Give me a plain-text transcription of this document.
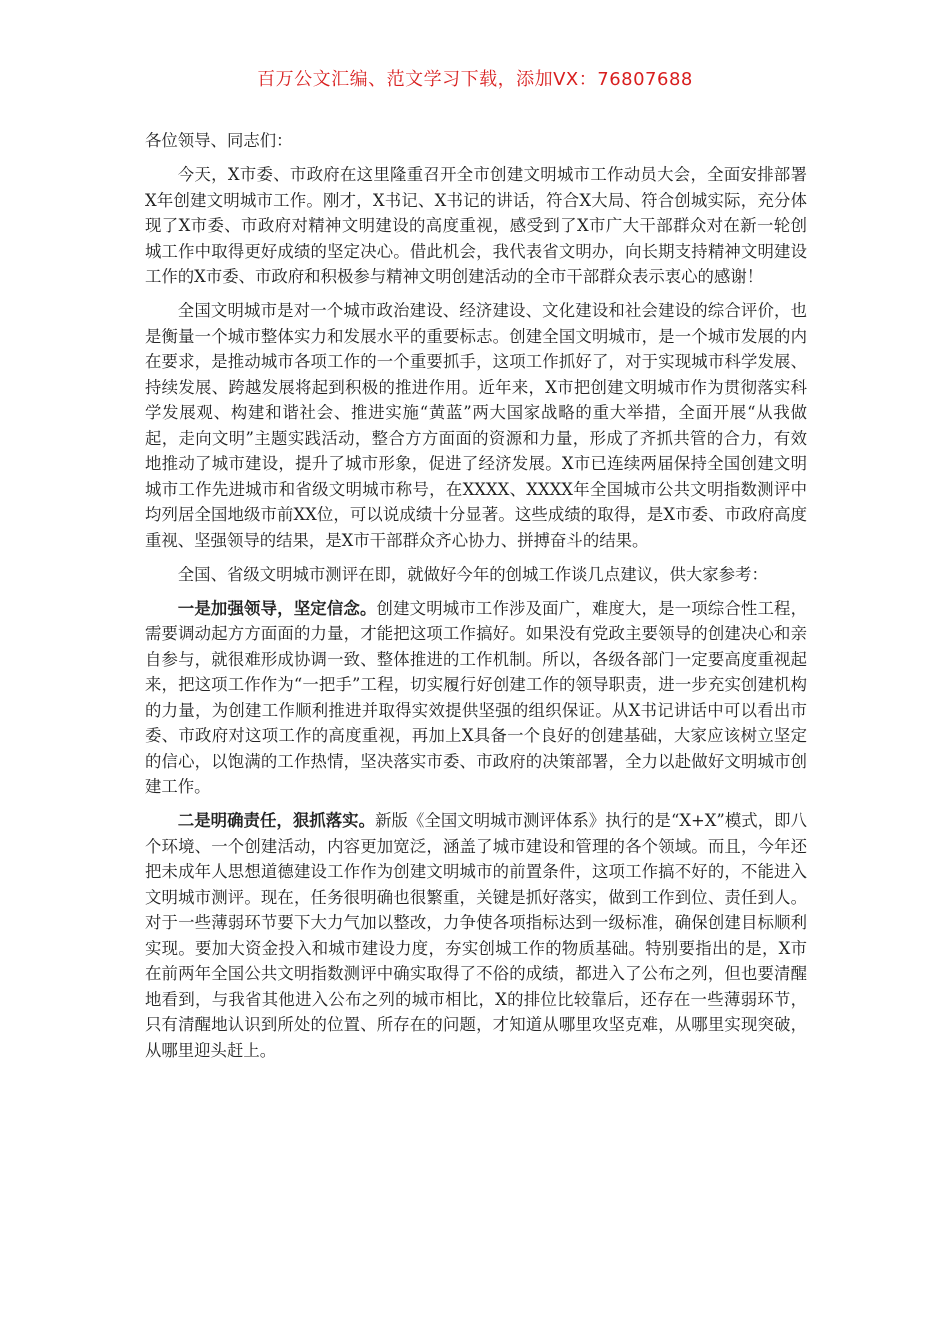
百万公文汇编、范文学习下载，添加VX：76807688

各位领导、同志们：

今天，X市委、市政府在这里隆重召开全市创建文明城市工作动员大会，全面安排部署X年创建文明城市工作。刚才，X书记、X书记的讲话，符合X大局、符合创城实际，充分体现了X市委、市政府对精神文明建设的高度重视，感受到了X市广大干部群众对在新一轮创城工作中取得更好成绩的坚定决心。借此机会，我代表省文明办，向长期支持精神文明建设工作的X市委、市政府和积极参与精神文明创建活动的全市干部群众表示衷心的感谢！

全国文明城市是对一个城市政治建设、经济建设、文化建设和社会建设的综合评价，也是衡量一个城市整体实力和发展水平的重要标志。创建全国文明城市，是一个城市发展的内在要求，是推动城市各项工作的一个重要抓手，这项工作抓好了，对于实现城市科学发展、持续发展、跨越发展将起到积极的推进作用。近年来，X市把创建文明城市作为贯彻落实科学发展观、构建和谐社会、推进实施“黄蓝”两大国家战略的重大举措，全面开展“从我做起，走向文明”主题实践活动，整合方方面面的资源和力量，形成了齐抓共管的合力，有效地推动了城市建设，提升了城市形象，促进了经济发展。X市已连续两届保持全国创建文明城市工作先进城市和省级文明城市称号，在XXXX、XXXX年全国城市公共文明指数测评中均列居全国地级市前XX位，可以说成绩十分显著。这些成绩的取得，是X市委、市政府高度重视、坚强领导的结果，是X市干部群众齐心协力、拼搏奋斗的结果。

全国、省级文明城市测评在即，就做好今年的创城工作谈几点建议，供大家参考：

一是加强领导，坚定信念。创建文明城市工作涉及面广，难度大，是一项综合性工程，需要调动起方方面面的力量，才能把这项工作搞好。如果没有党政主要领导的创建决心和亲自参与，就很难形成协调一致、整体推进的工作机制。所以，各级各部门一定要高度重视起来，把这项工作作为“一把手”工程，切实履行好创建工作的领导职责，进一步充实创建机构的力量，为创建工作顺利推进并取得实效提供坚强的组织保证。从X书记讲话中可以看出市委、市政府对这项工作的高度重视，再加上X具备一个良好的创建基础，大家应该树立坚定的信心，以饱满的工作热情，坚决落实市委、市政府的决策部署，全力以赴做好文明城市创建工作。

二是明确责任，狠抓落实。新版《全国文明城市测评体系》执行的是“X+X”模式，即八个环境、一个创建活动，内容更加宽泛，涵盖了城市建设和管理的各个领域。而且，今年还把未成年人思想道德建设工作作为创建文明城市的前置条件，这项工作搞不好的，不能进入文明城市测评。现在，任务很明确也很繁重，关键是抓好落实，做到工作到位、责任到人。对于一些薄弱环节要下大力气加以整改，力争使各项指标达到一级标准，确保创建目标顺利实现。要加大资金投入和城市建设力度，夯实创城工作的物质基础。特别要指出的是，X市在前两年全国公共文明指数测评中确实取得了不俗的成绩，都进入了公布之列，但也要清醒地看到，与我省其他进入公布之列的城市相比，X的排位比较靠后，还存在一些薄弱环节，只有清醒地认识到所处的位置、所存在的问题，才知道从哪里攻坚克难，从哪里实现突破，从哪里迎头赶上。
